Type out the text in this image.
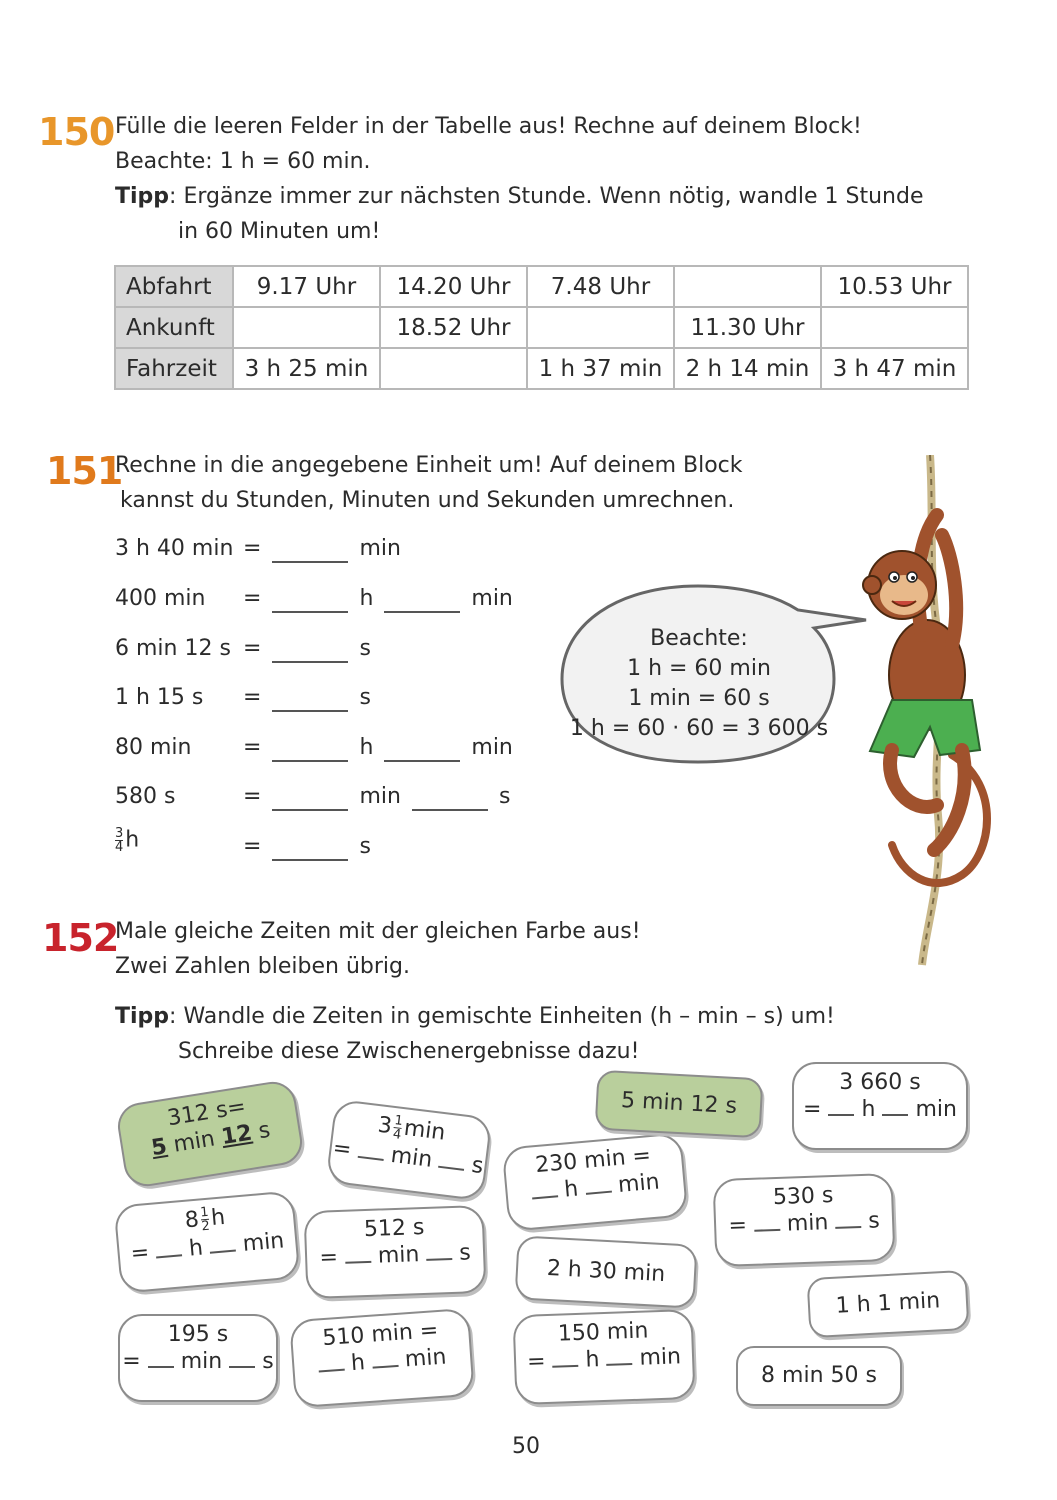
150 Fülle die leeren Felder in der Tabelle aus! Rechne auf deinem Block!
Beachte: 1 h = 60 min.
Tipp: Ergänze immer zur nächsten Stunde. Wenn nötig, wandle 1 Stunde
in 60 Minuten um!
Abfahrt	9.17 Uhr	14.20 Uhr	7.48 Uhr		10.53 Uhr
Ankunft		18.52 Uhr		11.30 Uhr	
Fahrzeit	3 h 25 min		1 h 37 min	2 h 14 min	3 h 47 min
151
Rechne in die angegebene Einheit um! Auf deinem Block
kannst du Stunden, Minuten und Sekunden umrechnen.
3 h 40 min =	min
400 min =	h	min
6 min 12 s =	s
1 h 15 s =	s
80 min =	h	min
580 s	=	min	s
$\frac{3}{4}$ h	=	s
Beachte:
1 h = 60 min
1 min = 60 s
1 h = 60 · 60 = 3 600 s
152
Male gleiche Zeiten mit der gleichen Farbe aus!
Zwei Zahlen bleiben übrig.
Tipp: Wandle die Zeiten in gemischte Einheiten (h – min – s) um!
Schreibe diese Zwischenergebnisse dazu!
312 s=
5 min 12 s	3
$\frac{1}{4}$
min
= min s	230 min =
h min
5 min 12 s
3 660 s
= h min
$8 \frac{1}{2}$ h
= h min	512 s
= min s
530 s
= min s
2 h 30 min
1 h 1 min
195 s
= min s
510 min =
h min
150 min
= h min
8 min 50 s
50
